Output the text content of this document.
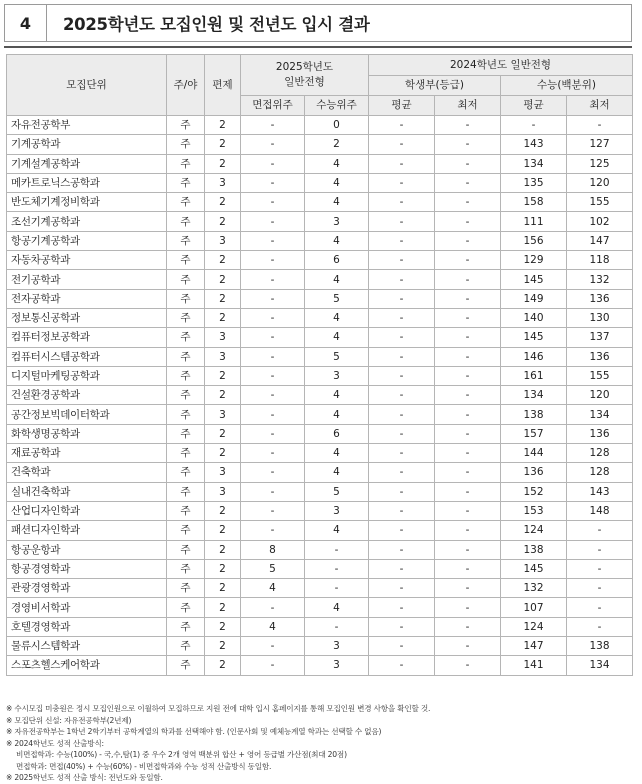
4	2025학년도 모집인원 및 전년도 입시 결과
모집단위	주/야	편제	2025학년도
일반전형		2024학년도 일반전형			
					학생부(등급)		수능(백분위)	
			면접위주	수능위주	평균	최저	평균	최저
자유전공학부	주	2	-	0	-	-	-	-
기계공학과	주	2	-	2	-	-	143	127
기계설계공학과	주	2	-	4	-	-	134	125
메카트로닉스공학과	주	3	-	4	-	-	135	120
반도체기계정비학과	주	2	-	4	-	-	158	155
조선기계공학과	주	2	-	3	-	-	111	102
항공기계공학과	주	3	-	4	-	-	156	147
자동차공학과	주	2	-	6	-	-	129	118
전기공학과	주	2	-	4	-	-	145	132
전자공학과	주	2	-	5	-	-	149	136
정보통신공학과	주	2	-	4	-	-	140	130
컴퓨터정보공학과	주	3	-	4	-	-	145	137
컴퓨터시스템공학과	주	3	-	5	-	-	146	136
디지털마케팅공학과	주	2	-	3	-	-	161	155
건설환경공학과	주	2	-	4	-	-	134	120
공간정보빅데이터학과	주	3	-	4	-	-	138	134
화학생명공학과	주	2	-	6	-	-	157	136
재료공학과	주	2	-	4	-	-	144	128
건축학과	주	3	-	4	-	-	136	128
실내건축학과	주	3	-	5	-	-	152	143
산업디자인학과	주	2	-	3	-	-	153	148
패션디자인학과	주	2	-	4	-	-	124	-
항공운항과	주	2	8	-	-	-	138	-
항공경영학과	주	2	5	-	-	-	145	-
관광경영학과	주	2	4	-	-	-	132	-
경영비서학과	주	2	-	4	-	-	107	-
호텔경영학과	주	2	4	-	-	-	124	-
물류시스템학과	주	2	-	3	-	-	147	138
스포츠헬스케어학과	주	2	-	3	-	-	141	134
※ 수시모집 미충원은 정시 모집인원으로 이월하여 모집하므로 지원 전에 대학 입시 홈페이지를 통해 모집인원 변경 사항을 확인할 것.
※ 모집단위 신설: 자유전공학부(2년제)
※ 자유전공학부는 1학년 2학기부터 공학계열의 학과를 선택해야 함. (인문사회 및 예체능계열 학과는 선택할 수 없음)
※ 2024학년도 성적 산출방식:
비면접학과: 수능(100%) - 국,수,탐(1) 중 우수 2개 영역 백분위 합산 + 영어 등급별 가산점(최대 20점)
면접학과: 면접(40%) + 수능(60%) - 비면접학과와 수능 성적 산출방식 동일함.
※ 2025학년도 성적 산출 방식: 전년도와 동일함.
